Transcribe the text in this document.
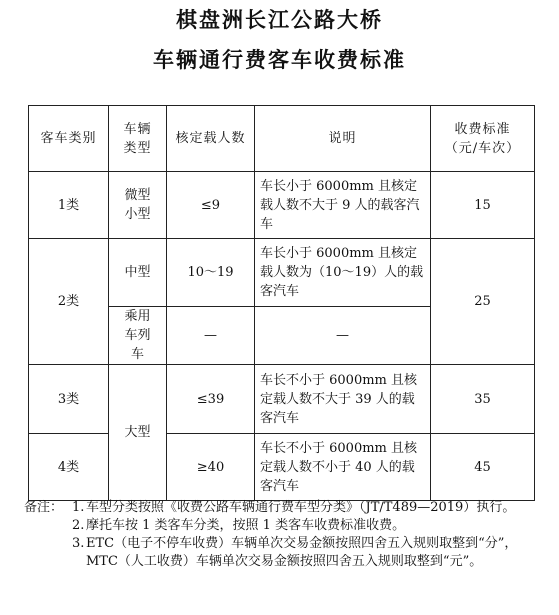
棋盘洲长江公路大桥
车辆通行费客车收费标准
客车类别	车辆类型	核定载人数	说明	收费标准（元/车次）

1类	微型小型	≤9	车长小于 6000mm 且核定载人数不大于 9 人的载客汽车	15
2类	中型	10～19	车长小于 6000mm 且核定载人数为（10～19）人的载客汽车	25

	乘用车列车	—	—	
3类	大型	≤39	车长不小于 6000mm 且核定载人数不大于 39 人的载客汽车	35
4类		≥40	车长不小于 6000mm 且核定载人数不小于 40 人的载客汽车	45
备注： 1. 车型分类按照《收费公路车辆通行费车型分类》（JT/T489—2019）执行。
2. 摩托车按 1 类客车分类，按照 1 类客车收费标准收费。
3. ETC（电子不停车收费）车辆单次交易金额按照四舍五入规则取整到“分”，MTC（人工收费）车辆单次交易金额按照四舍五入规则取整到“元”。
